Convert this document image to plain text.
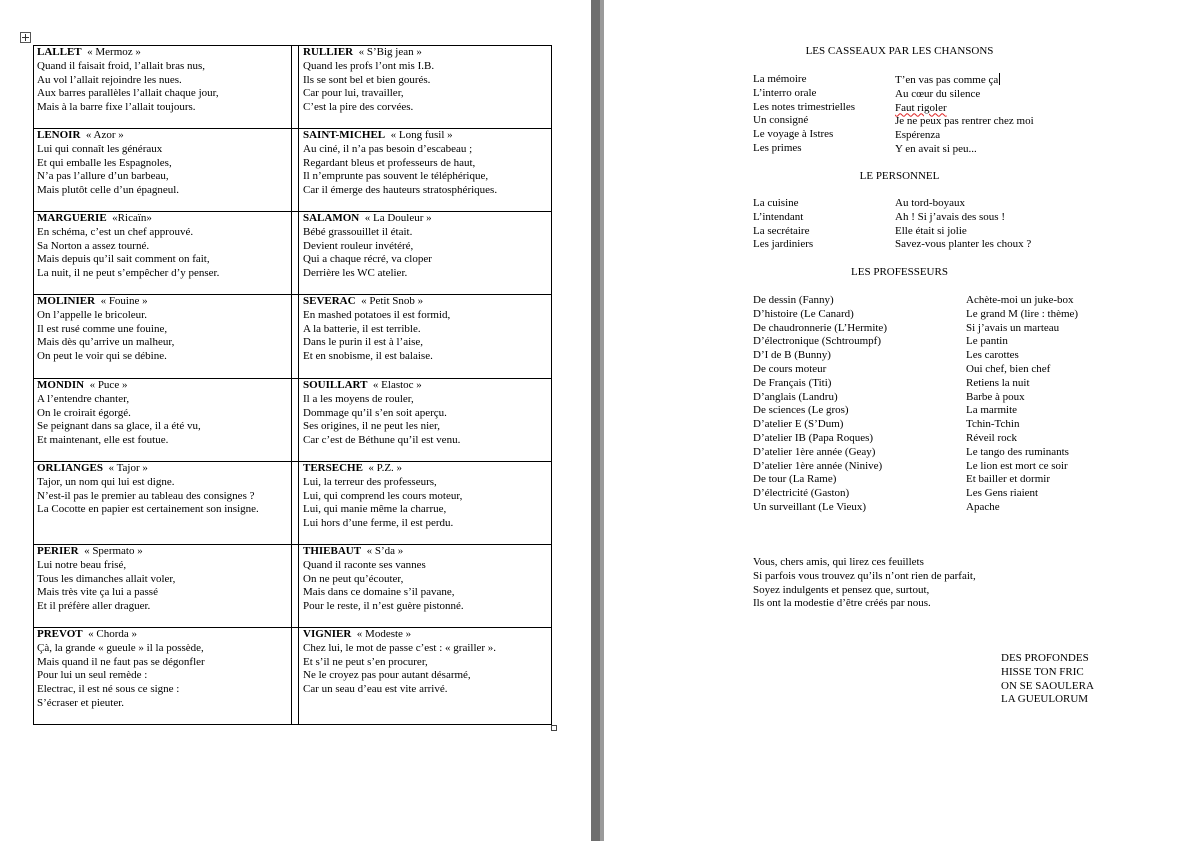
LALLET « Mermoz »
Quand il faisait froid, l’allait bras nus,
Au vol l’allait rejoindre les nues.
Aux barres parallèles l’allait chaque jour,
Mais à la barre fixe l’allait toujours.
RULLIER « S’Big jean »
Quand les profs l’ont mis I.B.
Ils se sont bel et bien gourés.
Car pour lui, travailler,
C’est la pire des corvées.
LENOIR « Azor »
Lui qui connaît les généraux
Et qui emballe les Espagnoles,
N’a pas l’allure d’un barbeau,
Mais plutôt celle d’un épagneul.
SAINT-MICHEL « Long fusil »
Au ciné, il n’a pas besoin d’escabeau ;
Regardant bleus et professeurs de haut,
Il n’emprunte pas souvent le téléphérique,
Car il émerge des hauteurs stratosphériques.
MARGUERIE «Ricaïn»
En schéma, c’est un chef approuvé.
Sa Norton a assez tourné.
Mais depuis qu’il sait comment on fait,
La nuit, il ne peut s’empêcher d’y penser.
SALAMON « La Douleur »
Bébé grassouillet il était.
Devient rouleur invétéré,
Qui a chaque récré, va cloper
Derrière les WC atelier.
MOLINIER « Fouine »
On l’appelle le bricoleur.
Il est rusé comme une fouine,
Mais dès qu’arrive un malheur,
On peut le voir qui se débine.
SEVERAC « Petit Snob »
En mashed potatoes il est formid,
A la batterie, il est terrible.
Dans le purin il est à l’aise,
Et en snobisme, il est balaise.
MONDIN « Puce »
A l’entendre chanter,
On le croirait égorgé.
Se peignant dans sa glace, il a été vu,
Et maintenant, elle est foutue.
SOUILLART « Elastoc »
Il a les moyens de rouler,
Dommage qu’il s’en soit aperçu.
Ses origines, il ne peut les nier,
Car c’est de Béthune qu’il est venu.
ORLIANGES « Tajor »
Tajor, un nom qui lui est digne.
N’est-il pas le premier au tableau des consignes ?
La Cocotte en papier est certainement son insigne.
TERSECHE « P.Z. »
Lui, la terreur des professeurs,
Lui, qui comprend les cours moteur,
Lui, qui manie même la charrue,
Lui hors d’une ferme, il est perdu.
PERIER « Spermato »
Lui notre beau frisé,
Tous les dimanches allait voler,
Mais très vite ça lui a passé
Et il préfère aller draguer.
THIEBAUT « S’da »
Quand il raconte ses vannes
On ne peut qu’écouter,
Mais dans ce domaine s’il pavane,
Pour le reste, il n’est guère pistonné.
PREVOT « Chorda »
Çà, la grande « gueule » il la possède,
Mais quand il ne faut pas se dégonfler
Pour lui un seul remède :
Electrac, il est né sous ce signe :
S’écraser et pieuter.
VIGNIER « Modeste »
Chez lui, le mot de passe c’est : « grailler ».
Et s’il ne peut s’en procurer,
Ne le croyez pas pour autant désarmé,
Car un seau d’eau est vite arrivé.
LES CASSEAUX PAR LES CHANSONS
La mémoire
L’interro orale
Les notes trimestrielles
Un consigné
Le voyage à Istres
Les primes
T’en vas pas comme ça
Au cœur du silence
Faut rigoler
Je ne peux pas rentrer chez moi
Espérenza
Y en avait si peu...
LE PERSONNEL
La cuisine
L’intendant
La secrétaire
Les jardiniers
Au tord-boyaux
Ah ! Si j’avais des sous !
Elle était si jolie
Savez-vous planter les choux ?
LES PROFESSEURS
De dessin (Fanny)
D’histoire (Le Canard)
De chaudronnerie (L’Hermite)
D’électronique (Schtroumpf)
D’I de B (Bunny)
De cours moteur
De Français (Titi)
D’anglais (Landru)
De sciences (Le gros)
D’atelier E (S’Dum)
D’atelier IB (Papa Roques)
D’atelier 1ère année (Geay)
D’atelier 1ère année (Ninive)
De tour (La Rame)
D’électricité (Gaston)
Un surveillant (Le Vieux)
Achète-moi un juke-box
Le grand M (lire : thème)
Si j’avais un marteau
Le pantin
Les carottes
Oui chef, bien chef
Retiens la nuit
Barbe à poux
La marmite
Tchin-Tchin
Réveil rock
Le tango des ruminants
Le lion est mort ce soir
Et bailler et dormir
Les Gens riaient
Apache
Vous, chers amis, qui lirez ces feuillets
Si parfois vous trouvez qu’ils n’ont rien de parfait,
Soyez indulgents et pensez que, surtout,
Ils ont la modestie d’être créés par nous.
DES PROFONDES
HISSE TON FRIC
ON SE SAOULERA
LA GUEULORUM
